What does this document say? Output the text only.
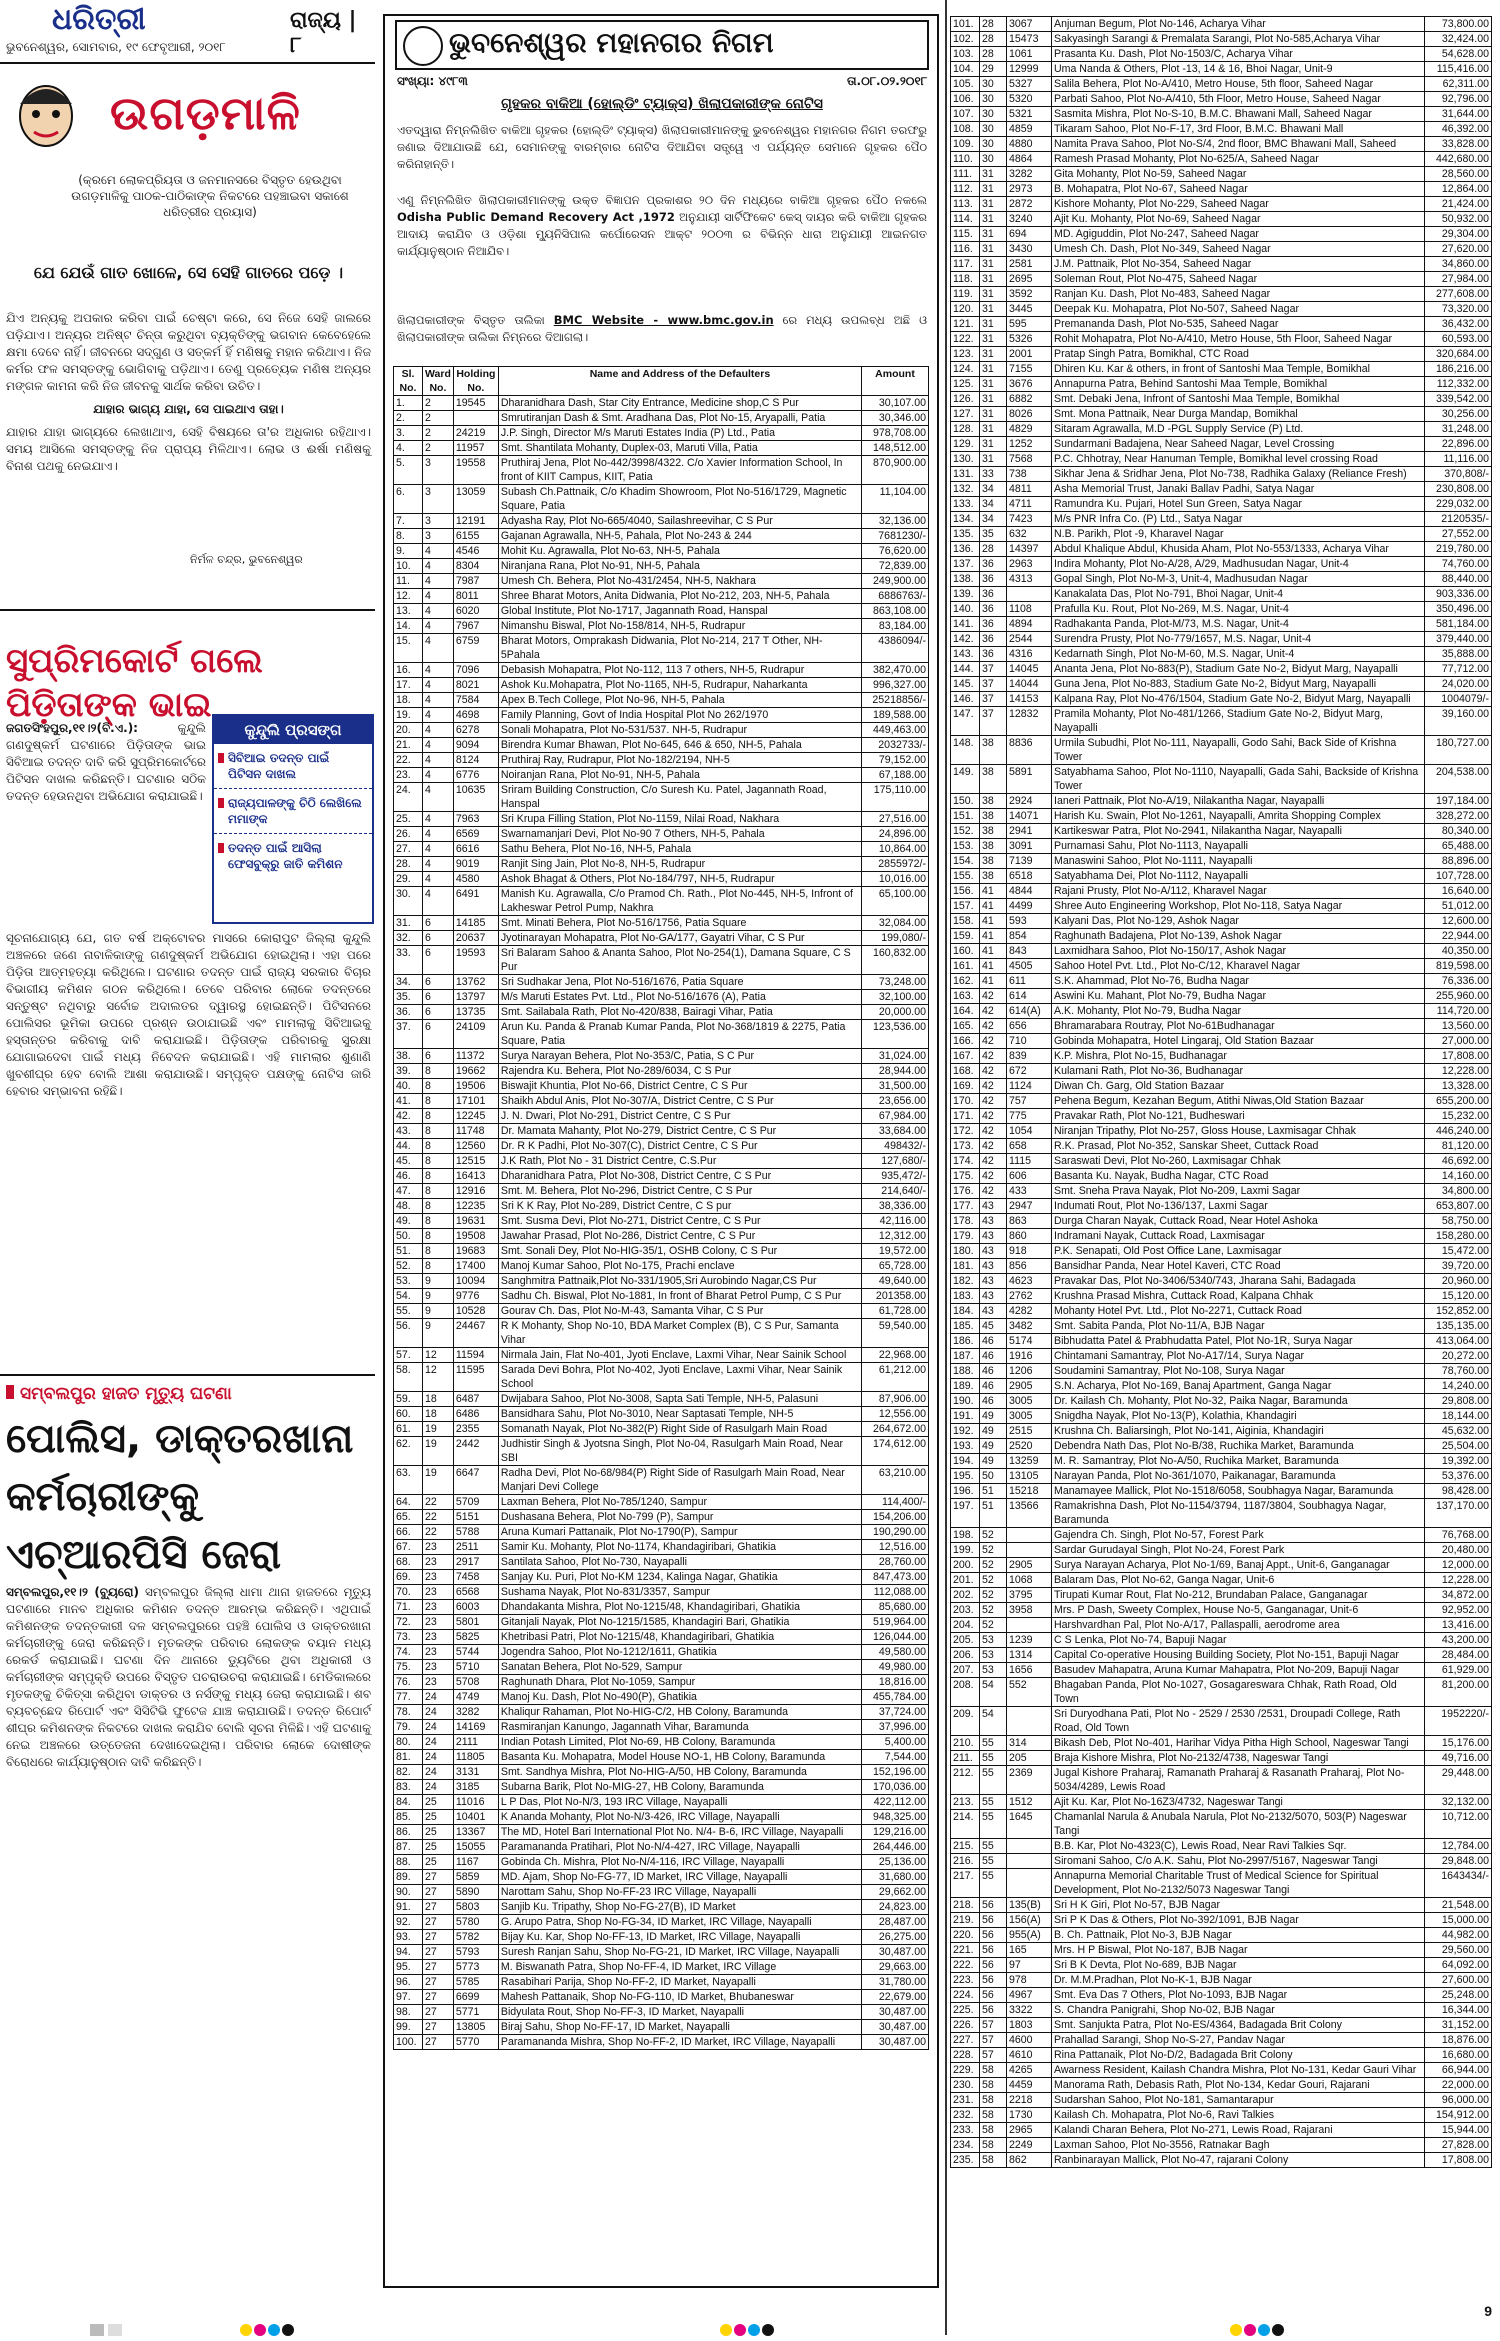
ଧରିତ୍ରୀ	ରାଜ୍ୟ | ୮
ଭୁବନେଶ୍ୱର, ସୋମବାର, ୧୯ ଫେବୃଆରୀ, ୨୦୧୮
ଉଗଡ଼ମାଳି
(କ୍ରମେ ଲୋକପ୍ରିୟତା ଓ ଜନମାନସରେ ବିସ୍ତୃତ ହେଉଥିବା ଉଗଡ଼ମାଳିକୁ ପାଠକ-ପାଠିକାଙ୍କ ନିକଟରେ ପହଞ୍ଚାଇବା ସକାଶେ ଧରିତ୍ରୀର ପ୍ରୟାସ)
ଯେ ଯେଉଁ ଗାତ ଖୋଳେ, ସେ ସେହି ଗାତରେ ପଡ଼େ ।
ଯିଏ ଅନ୍ୟକୁ ଅପକାର କରିବା ପାଇଁ ଚେଷ୍ଟା କରେ, ସେ ନିଜେ ସେହି ଜାଲରେ ପଡ଼ିଯାଏ। ଅନ୍ୟର ଅନିଷ୍ଟ ଚିନ୍ତା କରୁଥିବା ବ୍ୟକ୍ତିଙ୍କୁ ଭଗବାନ କେବେହେଲେ କ୍ଷମା ଦେବେ ନାହିଁ। ଜୀବନରେ ସଦ୍‌ଗୁଣ ଓ ସତ୍‌କର୍ମ ହିଁ ମଣିଷକୁ ମହାନ କରିଥାଏ। ନିଜ କର୍ମର ଫଳ ସମସ୍ତଙ୍କୁ ଭୋଗିବାକୁ ପଡ଼ିଥାଏ। ତେଣୁ ପ୍ରତ୍ୟେକ ମଣିଷ ଅନ୍ୟର ମଙ୍ଗଳ କାମନା କରି ନିଜ ଜୀବନକୁ ସାର୍ଥକ କରିବା ଉଚିତ।
ଯାହାର ଭାଗ୍ୟ ଯାହା, ସେ ପାଇଥାଏ ତାହା।
ଯାହାର ଯାହା ଭାଗ୍ୟରେ ଲେଖାଥାଏ, ସେହି ବିଷୟରେ ତା'ର ଅଧିକାର ରହିଥାଏ। ସମୟ ଆସିଲେ ସମସ୍ତଙ୍କୁ ନିଜ ପ୍ରାପ୍ୟ ମିଳିଥାଏ। ଲୋଭ ଓ ଈର୍ଷା ମଣିଷକୁ ବିନାଶ ପଥକୁ ନେଇଯାଏ।
ନିର୍ମଳ ଚନ୍ଦ୍ର, ଭୁବନେଶ୍ୱର
ସୁପ୍ରିମକୋର୍ଟ ଗଲେ ପିଡ଼ିତାଙ୍କ ଭାଇ
ଜଗତସିଂହପୁର,୧୧।୨(ବି.ଏ.):	କୁନ୍ଦୁଲି ଗଣଦୁଷ୍କର୍ମ ଘଟଣାରେ ପିଡ଼ିତାଙ୍କ ଭାଇ ସିବିଆଇ ତଦନ୍ତ ଦାବି କରି ସୁପ୍ରିମକୋର୍ଟରେ ପିଟିସନ ଦାଖଲ କରିଛନ୍ତି। ଘଟଣାର ସଠିକ ତଦନ୍ତ ହେଉନଥିବା ଅଭିଯୋଗ କରାଯାଇଛି।
କୁନ୍ଦୁଲି ପ୍ରସଙ୍ଗ
ସିବିଆଇ ତଦନ୍ତ ପାଇଁ ପିଟିସନ ଦାଖଲ
ରାଜ୍ୟପାଳଙ୍କୁ ଚିଠି ଲେଖିଲେ ମମାଙ୍କ
ତଦନ୍ତ ପାଇଁ ଆସିଲା ଫେସବୁକ୍‌ରୁ ଜାତି କମିଶନ
ସୂଚନାଯୋଗ୍ୟ ଯେ, ଗତ ବର୍ଷ ଅକ୍ଟୋବର ମାସରେ କୋରାପୁଟ ଜିଲ୍ଲା କୁନ୍ଦୁଲି ଅଞ୍ଚଳରେ ଜଣେ ନାବାଳିକାଙ୍କୁ ଗଣଦୁଷ୍କର୍ମ ଅଭିଯୋଗ ହୋଇଥିଲା। ଏହା ପରେ ପିଡ଼ିତା ଆତ୍ମହତ୍ୟା କରିଥିଲେ। ଘଟଣାର ତଦନ୍ତ ପାଇଁ ରାଜ୍ୟ ସରକାର ବିଚାର ବିଭାଗୀୟ କମିଶନ ଗଠନ କରିଥିଲେ। ତେବେ ପରିବାର ଲୋକେ ତଦନ୍ତରେ ସନ୍ତୁଷ୍ଟ ନଥିବାରୁ ସର୍ବୋଚ୍ଚ ଅଦାଲତର ଦ୍ୱାରସ୍ଥ ହୋଇଛନ୍ତି। ପିଟିସନରେ ପୋଲିସର ଭୂମିକା ଉପରେ ପ୍ରଶ୍ନ ଉଠାଯାଇଛି ଏବଂ ମାମଲାକୁ ସିବିଆଇକୁ ହସ୍ତାନ୍ତର କରିବାକୁ ଦାବି କରାଯାଇଛି। ପିଡ଼ିତାଙ୍କ ପରିବାରକୁ ସୁରକ୍ଷା ଯୋଗାଇଦେବା ପାଇଁ ମଧ୍ୟ ନିବେଦନ କରାଯାଇଛି। ଏହି ମାମଲାର ଶୁଣାଣି ଖୁବଶୀଘ୍ର ହେବ ବୋଲି ଆଶା କରାଯାଉଛି। ସମ୍ପୃକ୍ତ ପକ୍ଷଙ୍କୁ ନୋଟିସ ଜାରି ହେବାର ସମ୍ଭାବନା ରହିଛି।
ସମ୍ବଲପୁର ହାଜତ ମୃତ୍ୟୁ ଘଟଣା
ପୋଲିସ, ଡାକ୍ତରଖାନା କର୍ମଚାରୀଙ୍କୁ ଏଚ୍‌ଆରପିସି ଜେରା
ସମ୍ବଲପୁର,୧୧।୨ (ବ୍ୟୁରୋ) ସମ୍ବଲପୁର ଜିଲ୍ଲା ଧାମା ଥାନା ହାଜତରେ ମୃତ୍ୟୁ ଘଟଣାରେ ମାନବ ଅଧିକାର କମିଶନ ତଦନ୍ତ ଆରମ୍ଭ କରିଛନ୍ତି। ଏଥିପାଇଁ କମିଶନଙ୍କ ତଦନ୍ତକାରୀ ଦଳ ସମ୍ବଲପୁରରେ ପହଞ୍ଚି ପୋଲିସ ଓ ଡାକ୍ତରଖାନା କର୍ମଚାରୀଙ୍କୁ ଜେରା କରିଛନ୍ତି। ମୃତକଙ୍କ ପରିବାର ଲୋକଙ୍କ ବୟାନ ମଧ୍ୟ ରେକର୍ଡ କରାଯାଇଛି। ଘଟଣା ଦିନ ଥାନାରେ ଡ୍ୟୁଟିରେ ଥିବା ଅଧିକାରୀ ଓ କର୍ମଚାରୀଙ୍କ ସମ୍ପୃକ୍ତି ଉପରେ ବିସ୍ତୃତ ପଚରାଉଚରା କରାଯାଇଛି। ମେଡିକାଲରେ ମୃତକଙ୍କୁ ଚିକିତ୍ସା କରିଥିବା ଡାକ୍ତର ଓ ନର୍ସଙ୍କୁ ମଧ୍ୟ ଜେରା କରାଯାଇଛି। ଶବ ବ୍ୟବଚ୍ଛେଦ ରିପୋର୍ଟ ଏବଂ ସିସିଟିଭି ଫୁଟେଜ ଯାଞ୍ଚ କରାଯାଉଛି। ତଦନ୍ତ ରିପୋର୍ଟ ଶୀଘ୍ର କମିଶନଙ୍କ ନିକଟରେ ଦାଖଲ କରାଯିବ ବୋଲି ସୂଚନା ମିଳିଛି। ଏହି ଘଟଣାକୁ ନେଇ ଅଞ୍ଚଳରେ ଉତ୍ତେଜନା ଦେଖାଦେଇଥିଲା। ପରିବାର ଲୋକେ ଦୋଷୀଙ୍କ ବିରୋଧରେ କାର୍ଯ୍ୟାନୁଷ୍ଠାନ ଦାବି କରିଛନ୍ତି।
ଭୁବନେଶ୍ୱର ମହାନଗର ନିଗମ
ସଂଖ୍ୟା: ୪୯୮୩	ତା.୦୮.୦୨.୨୦୧୮
ଗୃହକର ବାକିଆ (ହୋଲ୍ଡିଂ ଟ୍ୟାକ୍ସ) ଖିଲାପକାରୀଙ୍କ ନୋଟିସ
ଏତଦ୍ୱାରା ନିମ୍ନଲିଖିତ ବାକିଆ ଗୃହକର (ହୋଲ୍ଡିଂ ଟ୍ୟାକ୍ସ) ଖିଲାପକାରୀମାନଙ୍କୁ ଭୁବନେଶ୍ୱର ମହାନଗର ନିଗମ ତରଫରୁ ଜଣାଇ ଦିଆଯାଉଛି ଯେ, ସେମାନଙ୍କୁ ବାରମ୍ବାର ନୋଟିସ ଦିଆଯିବା ସତ୍ତ୍ୱେ ଏ ପର୍ଯ୍ୟନ୍ତ ସେମାନେ ଗୃହକର ପୈଠ କରିନାହାନ୍ତି।
ଏଣୁ ନିମ୍ନଲିଖିତ ଖିଲାପକାରୀମାନଙ୍କୁ ଉକ୍ତ ବିଜ୍ଞାପନ ପ୍ରକାଶର ୨୦ ଦିନ ମଧ୍ୟରେ ବାକିଆ ଗୃହକର ପୈଠ ନକଲେ Odisha Public Demand Recovery Act ,1972 ଅନୁଯାୟୀ ସାର୍ଟିଫିକେଟ କେସ୍ ଦାୟର କରି ବାକିଆ ଗୃହକର ଆଦାୟ କରାଯିବ ଓ ଓଡ଼ିଶା ମ୍ୟୁନିସିପାଲ କର୍ପୋରେସନ ଆକ୍ଟ ୨୦୦୩ ର ବିଭିନ୍ନ ଧାରା ଅନୁଯାୟୀ ଆଇନଗତ କାର୍ଯ୍ୟାନୁଷ୍ଠାନ ନିଆଯିବ।
ଖିଲାପକାରୀଙ୍କ ବିସ୍ତୃତ ତାଲିକା BMC Website - www.bmc.gov.in ରେ ମଧ୍ୟ ଉପଲବ୍ଧ ଅଛି ଓ ଖିଲାପକାରୀଙ୍କ ତାଲିକା ନିମ୍ନରେ ଦିଆଗଲା।
Sl. No.	Ward No.	Holding No.	Name and Address of the Defaulters	Amount
1.	2	19545	Dharanidhara Dash, Star City Entrance, Medicine shop,C S Pur	30,107.00
2.	2		Smrutiranjan Dash & Smt. Aradhana Das, Plot No-15, Aryapalli, Patia	30,346.00
3.	2	24219	J.P. Singh, Director M/s Maruti Estates India (P) Ltd., Patia	978,708.00
4.	2	11957	Smt. Shantilata Mohanty, Duplex-03, Maruti Villa, Patia	148,512.00
5.	3	19558	Pruthiraj Jena, Plot No-442/3998/4322. C/o Xavier Information School, In front of KIIT Campus, KIIT, Patia	870,900.00
6.	3	13059	Subash Ch.Pattnaik, C/o Khadim Showroom, Plot No-516/1729, Magnetic Square, Patia	11,104.00
7.	3	12191	Adyasha Ray, Plot No-665/4040, Sailashreevihar, C S Pur	32,136.00
8.	3	6155	Gajanan Agrawalla, NH-5, Pahala, Plot No-243 & 244	7681230/-
9.	4	4546	Mohit Ku. Agrawalla, Plot No-63, NH-5, Pahala	76,620.00
10.	4	8304	Niranjana Rana, Plot No-91, NH-5, Pahala	72,839.00
11.	4	7987	Umesh Ch. Behera, Plot No-431/2454, NH-5, Nakhara	249,900.00
12.	4	8011	Shree Bharat Motors, Anita Didwania, Plot No-212, 203, NH-5, Pahala	6886763/-
13.	4	6020	Global Institute, Plot No-1717, Jagannath Road, Hanspal	863,108.00
14.	4	7967	Nimanshu Biswal, Plot No-158/814, NH-5, Rudrapur	83,184.00
15.	4	6759	Bharat Motors, Omprakash Didwania, Plot No-214, 217 T Other, NH-5Pahala	4386094/-
16.	4	7096	Debasish Mohapatra, Plot No-112, 113 7 others, NH-5, Rudrapur	382,470.00
17.	4	8021	Ashok Ku.Mohapatra, Plot No-1165, NH-5, Rudrapur, Naharkanta	996,327.00
18.	4	7584	Apex B.Tech College, Plot No-96, NH-5, Pahala	25218856/-
19.	4	4698	Family Planning, Govt of India Hospital Plot No 262/1970	189,588.00
20.	4	6278	Sonali Mohapatra, Plot No-531/537. NH-5, Rudrapur	449,463.00
21.	4	9094	Birendra Kumar Bhawan, Plot No-645, 646 & 650, NH-5, Pahala	2032733/-
22.	4	8124	Pruthiraj Ray, Rudrapur, Plot No-182/2194, NH-5	79,152.00
23.	4	6776	Noiranjan Rana, Plot No-91, NH-5, Pahala	67,188.00
24.	4	10635	Sriram Building Construction, C/o Suresh Ku. Patel, Jagannath Road, Hanspal	175,110.00
25.	4	7963	Sri Krupa Filling Station, Plot No-1159, Nilai Road, Nakhara	27,516.00
26.	4	6569	Swarnamanjari Devi, Plot No-90 7 Others, NH-5, Pahala	24,896.00
27.	4	6616	Sathu Behera, Plot No-16, NH-5, Pahala	10,864.00
28.	4	9019	Ranjit Sing Jain, Plot No-8, NH-5, Rudrapur	2855972/-
29.	4	4580	Ashok Bhagat & Others, Plot No-184/797, NH-5, Rudrapur	10,016.00
30.	4	6491	Manish Ku. Agrawalla, C/o Pramod Ch. Rath., Plot No-445, NH-5, Infront of Lakheswar Petrol Pump, Nakhra	65,100.00
31.	6	14185	Smt. Minati Behera, Plot No-516/1756, Patia Square	32,084.00
32.	6	20637	Jyotinarayan Mohapatra, Plot No-GA/177, Gayatri Vihar, C S Pur	199,080/-
33.	6	19593	Sri Balaram Sahoo & Ananta Sahoo, Plot No-254(1), Damana Square, C S Pur	160,832.00
34.	6	13762	Sri Sudhakar Jena, Plot No-516/1676, Patia Square	73,248.00
35.	6	13797	M/s Maruti Estates Pvt. Ltd., Plot No-516/1676 (A), Patia	32,100.00
36.	6	13735	Smt. Sailabala Rath, Plot No-420/838, Bairagi Vihar, Patia	20,000.00
37.	6	24109	Arun Ku. Panda & Pranab Kumar Panda, Plot No-368/1819 & 2275, Patia Square, Patia	123,536.00
38.	6	11372	Surya Narayan Behera, Plot No-353/C, Patia, S C Pur	31,024.00
39.	8	19662	Rajendra Ku. Behera, Plot No-289/6034, C S Pur	28,944.00
40.	8	19506	Biswajit Khuntia, Plot No-66, District Centre, C S Pur	31,500.00
41.	8	17101	Shaikh Abdul Anis, Plot No-307/A, District Centre, C S Pur	23,656.00
42.	8	12245	J. N. Dwari, Plot No-291, District Centre, C S Pur	67,984.00
43.	8	11748	Dr. Mamata Mahanty, Plot No-279, District Centre, C S Pur	33,684.00
44.	8	12560	Dr. R K Padhi, Plot No-307(C), District Centre, C S Pur	498432/-
45.	8	12515	J.K Rath, Plot No - 31 District Centre, C.S.Pur	127,680/-
46.	8	16413	Dharanidhara Patra, Plot No-308, District Centre, C S Pur	935,472/-
47.	8	12916	Smt. M. Behera, Plot No-296, District Centre, C S Pur	214,640/-
48.	8	12235	Sri K K Ray, Plot No-289, District Centre, C S pur	38,336.00
49.	8	19631	Smt. Susma Devi, Plot No-271, District Centre, C S Pur	42,116.00
50.	8	19508	Jawahar Prasad, Plot No-286, District Centre, C S Pur	12,312.00
51.	8	19683	Smt. Sonali Dey, Plot No-HIG-35/1, OSHB Colony, C S Pur	19,572.00
52.	8	17400	Manoj Kumar Sahoo, Plot No-175, Prachi enclave	65,728.00
53.	9	10094	Sanghmitra Pattnaik,Plot No-331/1905,Sri Aurobindo Nagar,CS Pur	49,640.00
54.	9	9776	Sadhu Ch. Biswal, Plot No-1881, In front of Bharat Petrol Pump, C S Pur	201358.00
55.	9	10528	Gourav Ch. Das, Plot No-M-43, Samanta Vihar, C S Pur	61,728.00
56.	9	24467	R K Mohanty, Shop No-10, BDA Market Complex (B), C S Pur, Samanta Vihar	59,540.00
57.	12	11594	Nirmala Jain, Flat No-401, Jyoti Enclave, Laxmi Vihar, Near Sainik School	22,968.00
58.	12	11595	Sarada Devi Bohra, Plot No-402, Jyoti Enclave, Laxmi Vihar, Near Sainik School	61,212.00
59.	18	6487	Dwijabara Sahoo, Plot No-3008, Sapta Sati Temple, NH-5, Palasuni	87,906.00
60.	18	6486	Bansidhara Sahu, Plot No-3010, Near Saptasati Temple, NH-5	12,556.00
61.	19	2355	Somanath Nayak, Plot No-382(P) Right Side of Rasulgarh Main Road	264,672.00
62.	19	2442	Judhistir Singh & Jyotsna Singh, Plot No-04, Rasulgarh Main Road, Near SBI	174,612.00
63.	19	6647	Radha Devi, Plot No-68/984(P) Right Side of Rasulgarh Main Road, Near Manjari Devi College	63,210.00
64.	22	5709	Laxman Behera, Plot No-785/1240, Sampur	114,400/-
65.	22	5151	Dushasana Behera, Plot No-799 (P), Sampur	154,206.00
66.	22	5788	Aruna Kumari Pattanaik, Plot No-1790(P), Sampur	190,290.00
67.	23	2511	Samir Ku. Mohanty, Plot No-1174, Khandagiribari, Ghatikia	12,516.00
68.	23	2917	Santilata Sahoo, Plot No-730, Nayapalli	28,760.00
69.	23	7458	Sanjay Ku. Puri, Plot No-KM 1234, Kalinga Nagar, Ghatikia	847,473.00
70.	23	6568	Sushama Nayak, Plot No-831/3357, Sampur	112,088.00
71.	23	6003	Dhandakanta Mishra, Plot No-1215/48, Khandagiribari, Ghatikia	85,680.00
72.	23	5801	Gitanjali Nayak, Plot No-1215/1585, Khandagiri Bari, Ghatikia	519,964.00
73.	23	5825	Khetribasi Patri, Plot No-1215/48, Khandagiribari, Ghatikia	126,044.00
74.	23	5744	Jogendra Sahoo, Plot No-1212/1611, Ghatikia	49,580.00
75.	23	5710	Sanatan Behera, Plot No-529, Sampur	49,980.00
76.	23	5708	Raghunath Dhara, Plot No-1059, Sampur	18,816.00
77.	24	4749	Manoj Ku. Dash, Plot No-490(P), Ghatikia	455,784.00
78.	24	3282	Khaliqur Rahaman, Plot No-HIG-C/2, HB Colony, Baramunda	37,724.00
79.	24	14169	Rasmiranjan Kanungo, Jagannath Vihar, Baramunda	37,996.00
80.	24	2111	Indian Potash Limited, Plot No-69, HB Colony, Baramunda	5,400.00
81.	24	11805	Basanta Ku. Mohapatra, Model House NO-1, HB Colony, Baramunda	7,544.00
82.	24	3131	Smt. Sandhya Mishra, Plot No-HIG-A/50, HB Colony, Baramunda	152,196.00
83.	24	3185	Subarna Barik, Plot No-MIG-27, HB Colony, Baramunda	170,036.00
84.	25	11016	L P Das, Plot No-N/3, 193 IRC Village, Nayapalli	422,112.00
85.	25	10401	K Ananda Mohanty, Plot No-N/3-426, IRC Village, Nayapalli	948,325.00
86.	25	13367	The MD, Hotel Bari International Plot No. N/4- B-6, IRC Village, Nayapalli	129,216.00
87.	25	15055	Paramananda Pratihari, Plot No-N/4-427, IRC Village, Nayapalli	264,446.00
88.	25	1167	Gobinda Ch. Mishra, Plot No-N/4-116, IRC Village, Nayapalli	25,136.00
89.	27	5859	MD. Ajam, Shop No-FG-77, ID Market, IRC Village, Nayapalli	31,680.00
90.	27	5890	Narottam Sahu, Shop No-FF-23 IRC Village, Nayapalli	29,662.00
91.	27	5803	Sanjib Ku. Tripathy, Shop No-FG-27(B), ID Market	24,823.00
92.	27	5780	G. Arupo Patra, Shop No-FG-34, ID Market, IRC Village, Nayapalli	28,487.00
93.	27	5782	Bijay Ku. Kar, Shop No-FF-13, ID Market, IRC Village, Nayapalli	26,275.00
94.	27	5793	Suresh Ranjan Sahu, Shop No-FG-21, ID Market, IRC Village, Nayapalli	30,487.00
95.	27	5773	M. Biswanath Patra, Shop No-FF-4, ID Market, IRC Village	29,663.00
96.	27	5785	Rasabihari Parija, Shop No-FF-2, ID Market, Nayapalli	31,780.00
97.	27	6699	Mahesh Pattanaik, Shop No-FG-110, ID Market, Bhubaneswar	22,679.00
98.	27	5771	Bidyulata Rout, Shop No-FF-3, ID Market, Nayapalli	30,487.00
99.	27	13805	Biraj Sahu, Shop No-FF-17, ID Market, Nayapalli	30,487.00
100.	27	5770	Paramananda Mishra, Shop No-FF-2, ID Market, IRC Village, Nayapalli	30,487.00
101.	28	3067	Anjuman Begum, Plot No-146, Acharya Vihar	73,800.00
102.	28	15473	Sakyasingh Sarangi & Premalata Sarangi, Plot No-585,Acharya Vihar	32,424.00
103.	28	1061	Prasanta Ku. Dash, Plot No-1503/C, Acharya Vihar	54,628.00
104.	29	12999	Uma Nanda & Others, Plot -13, 14 & 16, Bhoi Nagar, Unit-9	115,416.00
105.	30	5327	Salila Behera, Plot No-A/410, Metro House, 5th floor, Saheed Nagar	62,311.00
106.	30	5320	Parbati Sahoo, Plot No-A/410, 5th Floor, Metro House, Saheed Nagar	92,796.00
107.	30	5321	Sasmita Mishra, Plot No-S-10, B.M.C. Bhawani Mall, Saheed Nagar	31,644.00
108.	30	4859	Tikaram Sahoo, Plot No-F-17, 3rd Floor, B.M.C. Bhawani Mall	46,392.00
109.	30	4880	Namita Prava Sahoo, Plot No-S/4, 2nd floor, BMC Bhawani Mall, Saheed	33,828.00
110.	30	4864	Ramesh Prasad Mohanty, Plot No-625/A, Saheed Nagar	442,680.00
111.	31	3282	Gita Mohanty, Plot No-59, Saheed Nagar	28,560.00
112.	31	2973	B. Mohapatra, Plot No-67, Saheed Nagar	12,864.00
113.	31	2872	Kishore Mohanty, Plot No-229, Saheed Nagar	21,424.00
114.	31	3240	Ajit Ku. Mohanty, Plot No-69, Saheed Nagar	50,932.00
115.	31	694	MD. Agiguddin, Plot No-247, Saheed Nagar	29,304.00
116.	31	3430	Umesh Ch. Dash, Plot No-349, Saheed Nagar	27,620.00
117.	31	2581	J.M. Pattnaik, Plot No-354, Saheed Nagar	34,860.00
118.	31	2695	Soleman Rout, Plot No-475, Saheed Nagar	27,984.00
119.	31	3592	Ranjan Ku. Dash, Plot No-483, Saheed Nagar	277,608.00
120.	31	3445	Deepak Ku. Mohapatra, Plot No-507, Saheed Nagar	73,320.00
121.	31	595	Premananda Dash, Plot No-535, Saheed Nagar	36,432.00
122.	31	5326	Rohit Mohapatra, Plot No-A/410, Metro House, 5th Floor, Saheed Nagar	60,593.00
123.	31	2001	Pratap Singh Patra, Bomikhal, CTC Road	320,684.00
124.	31	7155	Dhiren Ku. Kar & others, in front of Santoshi Maa Temple, Bomikhal	186,216.00
125.	31	3676	Annapurna Patra, Behind Santoshi Maa Temple, Bomikhal	112,332.00
126.	31	6882	Smt. Debaki Jena, Infront of Santoshi Maa Temple, Bomikhal	339,542.00
127.	31	8026	Smt. Mona Pattnaik, Near Durga Mandap, Bomikhal	30,256.00
128.	31	4829	Sitaram Agrawalla, M.D -PGL Supply Service (P) Ltd.	31,248.00
129.	31	1252	Sundarmani Badajena, Near Saheed Nagar, Level Crossing	22,896.00
130.	31	7568	P.C. Chhotray, Near Hanuman Temple, Bomikhal level crossing Road	11,116.00
131.	33	738	Sikhar Jena & Sridhar Jena, Plot No-738, Radhika Galaxy (Reliance Fresh)	370,808/-
132.	34	4811	Asha Memorial Trust, Janaki Ballav Padhi, Satya Nagar	230,808.00
133.	34	4711	Ramundra Ku. Pujari, Hotel Sun Green, Satya Nagar	229,032.00
134.	34	7423	M/s PNR Infra Co. (P) Ltd., Satya Nagar	2120535/-
135.	35	632	N.B. Parikh, Plot -9, Kharavel Nagar	27,552.00
136.	28	14397	Abdul Khalique Abdul, Khusida Aham, Plot No-553/1333, Acharya Vihar	219,780.00
137.	36	2963	Indira Mohanty, Plot No-A/28, A/29, Madhusudan Nagar, Unit-4	74,760.00
138.	36	4313	Gopal Singh, Plot No-M-3, Unit-4, Madhusudan Nagar	88,440.00
139.	36		Kanakalata Das, Plot No-791, Bhoi Nagar, Unit-4	903,336.00
140.	36	1108	Prafulla Ku. Rout, Plot No-269, M.S. Nagar, Unit-4	350,496.00
141.	36	4894	Radhakanta Panda, Plot-M/73, M.S. Nagar, Unit-4	581,184.00
142.	36	2544	Surendra Prusty, Plot No-779/1657, M.S. Nagar, Unit-4	379,440.00
143.	36	4316	Kedarnath Singh, Plot No-M-60, M.S. Nagar, Unit-4	35,888.00
144.	37	14045	Ananta Jena, Plot No-883(P), Stadium Gate No-2, Bidyut Marg, Nayapalli	77,712.00
145.	37	14044	Guna Jena, Plot No-883, Stadium Gate No-2, Bidyut Marg, Nayapalli	24,020.00
146.	37	14153	Kalpana Ray, Plot No-476/1504, Stadium Gate No-2, Bidyut Marg, Nayapalli	1004079/-
147.	37	12832	Pramila Mohanty, Plot No-481/1266, Stadium Gate No-2, Bidyut Marg, Nayapalli	39,160.00
148.	38	8836	Urmila Subudhi, Plot No-111, Nayapalli, Godo Sahi, Back Side of Krishna Tower	180,727.00
149.	38	5891	Satyabhama Sahoo, Plot No-1110, Nayapalli, Gada Sahi, Backside of Krishna Tower	204,538.00
150.	38	2924	Ianeri Pattnaik, Plot No-A/19, Nilakantha Nagar, Nayapalli	197,184.00
151.	38	14071	Harish Ku. Swain, Plot No-1261, Nayapalli, Amrita Shopping Complex	328,272.00
152.	38	2941	Kartikeswar Patra, Plot No-2941, Nilakantha Nagar, Nayapalli	80,340.00
153.	38	3091	Purnamasi Sahu, Plot No-1113, Nayapalli	65,488.00
154.	38	7139	Manaswini Sahoo, Plot No-1111, Nayapalli	88,896.00
155.	38	6518	Satyabhama Dei, Plot No-1112, Nayapalli	107,728.00
156.	41	4844	Rajani Prusty, Plot No-A/112, Kharavel Nagar	16,640.00
157.	41	4499	Shree Auto Engineering Workshop, Plot No-118, Satya Nagar	51,012.00
158.	41	593	Kalyani Das, Plot No-129, Ashok Nagar	12,600.00
159.	41	854	Raghunath Badajena, Plot No-139, Ashok Nagar	22,944.00
160.	41	843	Laxmidhara Sahoo, Plot No-150/17, Ashok Nagar	40,350.00
161.	41	4505	Sahoo Hotel Pvt. Ltd., Plot No-C/12, Kharavel Nagar	819,598.00
162.	41	611	S.K. Ahammad, Plot No-76, Budha Nagar	76,336.00
163.	42	614	Aswini Ku. Mahant, Plot No-79, Budha Nagar	255,960.00
164.	42	614(A)	A.K. Mohanty, Plot No-79, Budha Nagar	114,720.00
165.	42	656	Bhramarabara Routray, Plot No-61Budhanagar	13,560.00
166.	42	710	Gobinda Mohapatra, Hotel Lingaraj, Old Station Bazaar	27,000.00
167.	42	839	K.P. Mishra, Plot No-15, Budhanagar	17,808.00
168.	42	672	Kulamani Rath, Plot No-36, Budhanagar	12,228.00
169.	42	1124	Diwan Ch. Garg, Old Station Bazaar	13,328.00
170.	42	757	Pehena Begum, Kezahan Begum, Atithi Niwas,Old Station Bazaar	655,200.00
171.	42	775	Pravakar Rath, Plot No-121, Budheswari	15,232.00
172.	42	1054	Niranjan Tripathy, Plot No-257, Gloss House, Laxmisagar Chhak	446,240.00
173.	42	658	R.K. Prasad, Plot No-352, Sanskar Sheet, Cuttack Road	81,120.00
174.	42	1115	Saraswati Devi, Plot No-260, Laxmisagar Chhak	46,692.00
175.	42	606	Basanta Ku. Nayak, Budha Nagar, CTC Road	14,160.00
176.	42	433	Smt. Sneha Prava Nayak, Plot No-209, Laxmi Sagar	34,800.00
177.	43	2947	Indumati Rout, Plot No-136/137, Laxmi Sagar	653,807.00
178.	43	863	Durga Charan Nayak, Cuttack Road, Near Hotel Ashoka	58,750.00
179.	43	860	Indramani Nayak, Cuttack Road, Laxmisagar	158,280.00
180.	43	918	P.K. Senapati, Old Post Office Lane, Laxmisagar	15,472.00
181.	43	856	Bansidhar Panda, Near Hotel Kaveri, CTC Road	39,720.00
182.	43	4623	Pravakar Das, Plot No-3406/5340/743, Jharana Sahi, Badagada	20,960.00
183.	43	2762	Krushna Prasad Mishra, Cuttack Road, Kalpana Chhak	15,120.00
184.	43	4282	Mohanty Hotel Pvt. Ltd., Plot No-2271, Cuttack Road	152,852.00
185.	45	3482	Smt. Sabita Panda, Plot No-11/A, BJB Nagar	135,135.00
186.	46	5174	Bibhudatta Patel & Prabhudatta Patel, Plot No-1R, Surya Nagar	413,064.00
187.	46	1916	Chintamani Samantray, Plot No-A17/14, Surya Nagar	20,272.00
188.	46	1206	Soudamini Samantray, Plot No-108, Surya Nagar	78,760.00
189.	46	2905	S.N. Acharya, Plot No-169, Banaj Apartment, Ganga Nagar	14,240.00
190.	46	3005	Dr. Kailash Ch. Mohanty, Plot No-32, Paika Nagar, Baramunda	29,808.00
191.	49	3005	Snigdha Nayak, Plot No-13(P), Kolathia, Khandagiri	18,144.00
192.	49	2515	Krushna Ch. Baliarsingh, Plot No-141, Aiginia, Khandagiri	45,632.00
193.	49	2520	Debendra Nath Das, Plot No-B/38, Ruchika Market, Baramunda	25,504.00
194.	49	13259	M. R. Samantray, Plot No-A/50, Ruchika Market, Baramunda	19,392.00
195.	50	13105	Narayan Panda, Plot No-361/1070, Paikanagar, Baramunda	53,376.00
196.	51	15218	Manamayee Mallick, Plot No-1518/6058, Soubhagya Nagar, Baramunda	98,428.00
197.	51	13566	Ramakrishna Dash, Plot No-1154/3794, 1187/3804, Soubhagya Nagar, Baramunda	137,170.00
198.	52		Gajendra Ch. Singh, Plot No-57, Forest Park	76,768.00
199.	52		Sardar Gurudayal Singh, Plot No-24, Forest Park	20,480.00
200.	52	2905	Surya Narayan Acharya, Plot No-1/69, Banaj Appt., Unit-6, Ganganagar	12,000.00
201.	52	1068	Balaram Das, Plot No-62, Ganga Nagar, Unit-6	12,228.00
202.	52	3795	Tirupati Kumar Rout, Flat No-212, Brundaban Palace, Ganganagar	34,872.00
203.	52	3958	Mrs. P Dash, Sweety Complex, House No-5, Ganganagar, Unit-6	92,952.00
204.	52		Harshvardhan Pal, Plot No-A/17, Pallaspalli, aerodrome area	13,416.00
205.	53	1239	C S Lenka, Plot No-74, Bapuji Nagar	43,200.00
206.	53	1314	Capital Co-operative Housing Building Society, Plot No-151, Bapuji Nagar	28,484.00
207.	53	1656	Basudev Mahapatra, Aruna Kumar Mahapatra, Plot No-209, Bapuji Nagar	61,929.00
208.	54	552	Bhagaban Panda, Plot No-1027, Gosagareswara Chhak, Rath Road, Old Town	81,200.00
209.	54		Sri Duryodhana Pati, Plot No - 2529 / 2530 /2531, Droupadi College, Rath Road, Old Town	1952220/-
210.	55	314	Bikash Deb, Plot No-401, Harihar Vidya Pitha High School, Nageswar Tangi	15,176.00
211.	55	205	Braja Kishore Mishra, Plot No-2132/4738, Nageswar Tangi	49,716.00
212.	55	2369	Jugal Kishore Praharaj, Ramanath Praharaj & Rasanath Praharaj, Plot No-5034/4289, Lewis Road	29,448.00
213.	55	1512	Ajit Ku. Kar, Plot No-16Z3/4732, Nageswar Tangi	32,132.00
214.	55	1645	Chamanlal Narula & Anubala Narula, Plot No-2132/5070, 503(P) Nageswar Tangi	10,712.00
215.	55		B.B. Kar, Plot No-4323(C), Lewis Road, Near Ravi Talkies Sqr.	12,784.00
216.	55		Siromani Sahoo, C/o A.K. Sahu, Plot No-2997/5167, Nageswar Tangi	29,848.00
217.	55		Annapurna Memorial Charitable Trust of Medical Science for Spiritual Development, Plot No-2132/5073 Nageswar Tangi	1643434/-
218.	56	135(B)	Sri H K Giri, Plot No-57, BJB Nagar	21,548.00
219.	56	156(A)	Sri P K Das & Others, Plot No-392/1091, BJB Nagar	15,000.00
220.	56	955(A)	B. Ch. Pattnaik, Plot No-3, BJB Nagar	44,982.00
221.	56	165	Mrs. H P Biswal, Plot No-187, BJB Nagar	29,560.00
222.	56	97	Sri B K Devta, Plot No-689, BJB Nagar	64,092.00
223.	56	978	Dr. M.M.Pradhan, Plot No-K-1, BJB Nagar	27,600.00
224.	56	4967	Smt. Eva Das 7 Others, Plot No-1093, BJB Nagar	25,248.00
225.	56	3322	S. Chandra Panigrahi, Shop No-02, BJB Nagar	16,344.00
226.	57	1803	Smt. Sanjukta Patra, Plot No-ES/4364, Badagada Brit Colony	31,152.00
227.	57	4600	Prahallad Sarangi, Shop No-S-27, Pandav Nagar	18,876.00
228.	57	4610	Rina Pattanaik, Plot No-D/2, Badagada Brit Colony	16,680.00
229.	58	4265	Awarness Resident, Kailash Chandra Mishra, Plot No-131, Kedar Gauri Vihar	66,944.00
230.	58	4459	Manorama Rath, Debasis Rath, Plot No-134, Kedar Gouri, Rajarani	22,000.00
231.	58	2218	Sudarshan Sahoo, Plot No-181, Samantarapur	96,000.00
232.	58	1730	Kailash Ch. Mohapatra, Plot No-6, Ravi Talkies	154,912.00
233.	58	2965	Kalandi Charan Behera, Plot No-271, Lewis Road, Rajarani	15,944.00
234.	58	2249	Laxman Sahoo, Plot No-3556, Ratnakar Bagh	27,828.00
235.	58	862	Ranbinarayan Mallick, Plot No-47, rajarani Colony	17,808.00
9
